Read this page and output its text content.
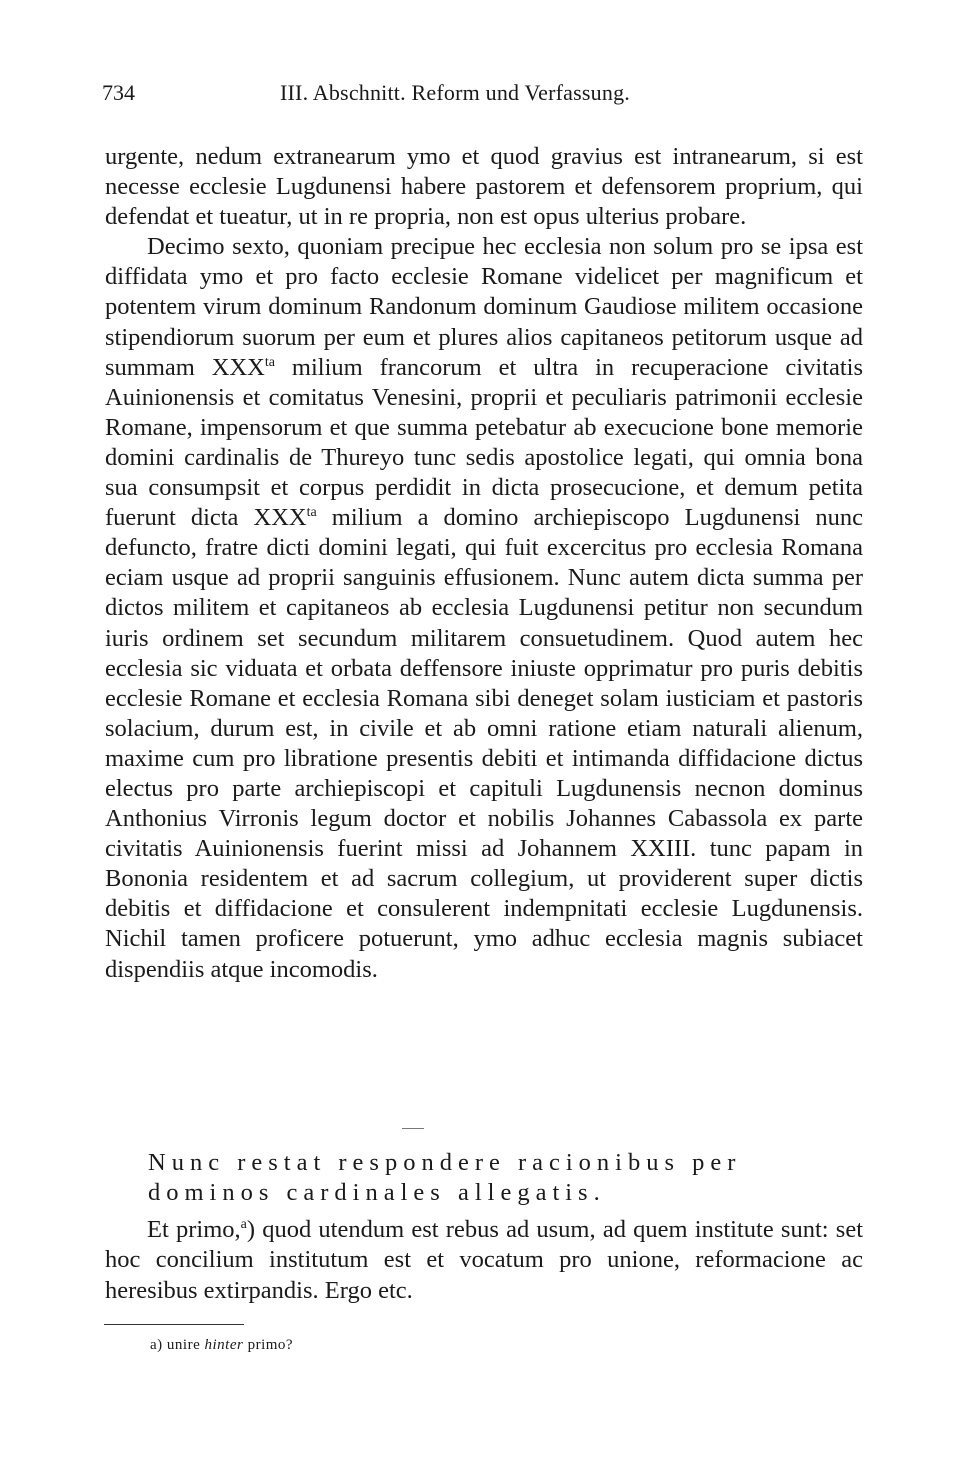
734	III. Abschnitt. Reform und Verfassung.

urgente, nedum extranearum ymo et quod gravius est intranearum, si est necesse ecclesie Lugdunensi habere pastorem et defensorem proprium, qui defendat et tueatur, ut in re propria, non est opus ulterius probare.

Decimo sexto, quoniam precipue hec ecclesia non solum pro se ipsa est diffidata ymo et pro facto ecclesie Romane videlicet per magnificum et potentem virum dominum Randonum dominum Gaudiose militem occasione stipendiorum suorum per eum et plures alios capitaneos petitorum usque ad summam $XXX^{ta}$ milium francorum et ultra in recuperacione civitatis Auinionensis et comitatus Venesini, proprii et peculiaris patrimonii ecclesie Romane, impensorum et que summa petebatur ab execucione bone memorie domini cardinalis de Thureyo tunc sedis apostolice legati, qui omnia bona sua consumpsit et corpus perdidit in dicta prosecucione, et demum petita fuerunt dicta $XXX^{ta}$ milium a domino archiepiscopo Lugdunensi nunc defuncto, fratre dicti domini legati, qui fuit excercitus pro ecclesia Romana eciam usque ad proprii sanguinis effusionem. Nunc autem dicta summa per dictos militem et capitaneos ab ecclesia Lugdunensi petitur non secundum iuris ordinem set secundum militarem consuetudinem. Quod autem hec ecclesia sic viduata et orbata deffensore iniuste opprimatur pro puris debitis ecclesie Romane et ecclesia Romana sibi deneget solam iusticiam et pastoris solacium, durum est, in civile et ab omni ratione etiam naturali alienum, maxime cum pro libratione presentis debiti et intimanda diffidacione dictus electus pro parte archiepiscopi et capituli Lugdunensis necnon dominus Anthonius Virronis legum doctor et nobilis Johannes Cabassola ex parte civitatis Auinionensis fuerint missi ad Johannem XXIII. tunc papam in Bononia residentem et ad sacrum collegium, ut providerent super dictis debitis et diffidacione et consulerent indempnitati ecclesie Lugdunensis. Nichil tamen proficere potuerunt, ymo adhuc ecclesia magnis subiacet dispendiis atque incomodis.

Nunc restat respondere racionibus per dominos cardinales allegatis.
Et primo,$^a$) quod utendum est rebus ad usum, ad quem institute sunt: set hoc concilium institutum est et vocatum pro unione, reformacione ac heresibus extirpandis. Ergo etc.
a) unire hinter primo?
